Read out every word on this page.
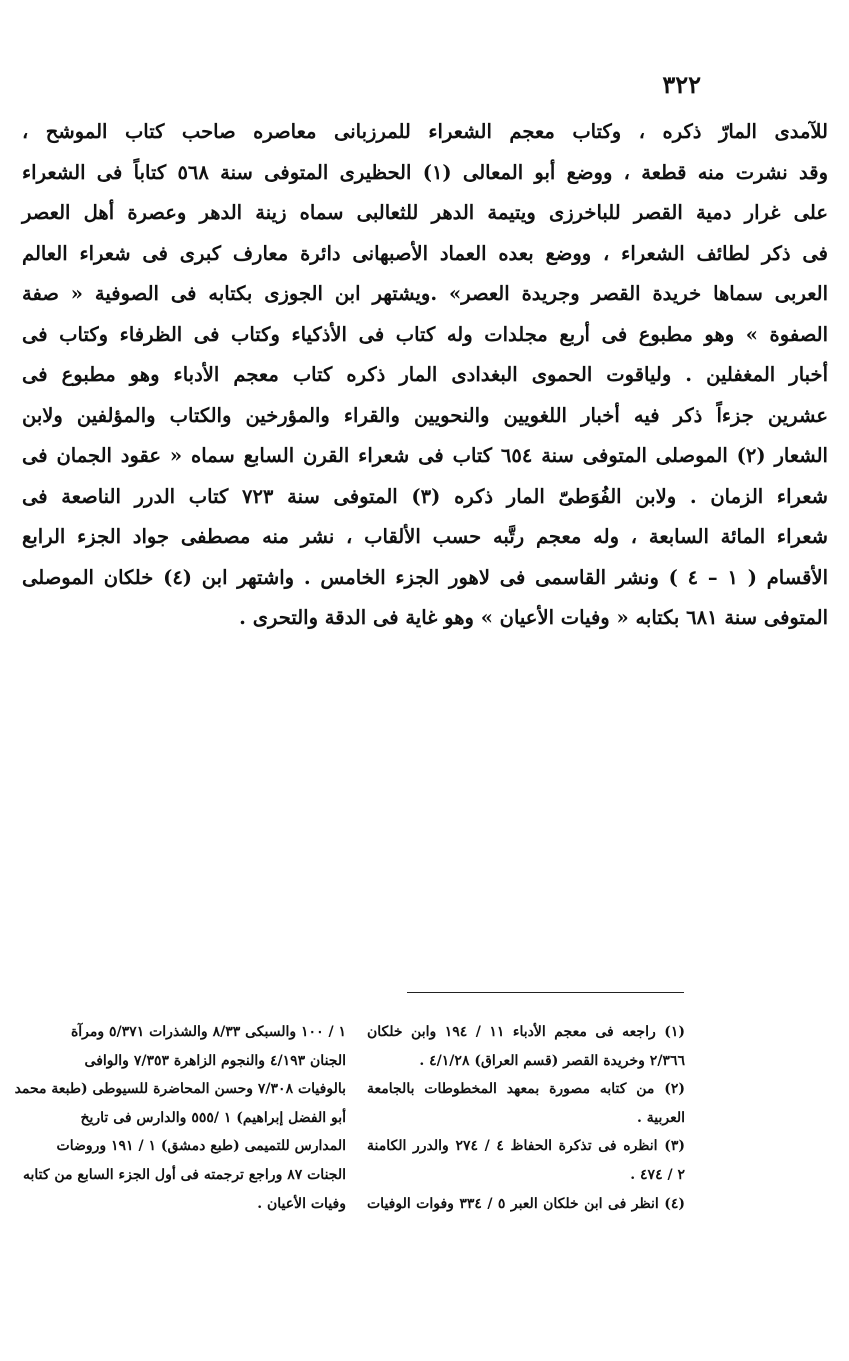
٣٢٢
للآمدى المارّ ذكره ، وكتاب معجم الشعراء للمرزبانى معاصره صاحب كتاب الموشح ،
وقد نشرت منه قطعة ، ووضع أبو المعالى (١) الحظيرى المتوفى سنة ٥٦٨ كتاباً فى الشعراء
على غرار دمية القصر للباخرزى ويتيمة الدهر للثعالبى سماه زينة الدهر وعصرة أهل العصر
فى ذكر لطائف الشعراء ، ووضع بعده العماد الأصبهانى دائرة معارف كبرى فى شعراء العالم
العربى سماها خريدة القصر وجريدة العصر» .ويشتهر ابن الجوزى بكتابه فى الصوفية « صفة
الصفوة » وهو مطبوع فى أربع مجلدات وله كتاب فى الأذكياء وكتاب فى الظرفاء وكتاب فى
أخبار المغفلين . ولياقوت الحموى البغدادى المار ذكره كتاب معجم الأدباء وهو مطبوع فى
عشرين جزءاً ذكر فيه أخبار اللغويين والنحويين والقراء والمؤرخين والكتاب والمؤلفين ولابن
الشعار (٢) الموصلى المتوفى سنة ٦٥٤ كتاب فى شعراء القرن السابع سماه « عقود الجمان فى
شعراء الزمان . ولابن الفُوَطىّ المار ذكره (٣) المتوفى سنة ٧٢٣ كتاب الدرر الناصعة فى
شعراء المائة السابعة ، وله معجم رتَّبه حسب الألقاب ، نشر منه مصطفى جواد الجزء الرابع
الأقسام ( ١ – ٤ ) ونشر القاسمى فى لاهور الجزء الخامس . واشتهر ابن (٤) خلكان الموصلى
المتوفى سنة ٦٨١ بكتابه « وفيات الأعيان » وهو غاية فى الدقة والتحرى .
(١) راجعه فى معجم الأدباء ١١ / ١٩٤ وابن خلكان
٢/٣٦٦ وخريدة القصر (قسم العراق) ٤/١/٢٨ .
(٢) من كتابه مصورة بمعهد المخطوطات بالجامعة
العربية .
(٣) انظره فى تذكرة الحفاظ ٤ / ٢٧٤ والدرر الكامنة
٢ / ٤٧٤ .
(٤) انظر فى ابن خلكان العبر ٥ / ٣٣٤ وفوات الوفيات
١ / ١٠٠ والسبكى ٨/٣٣ والشذرات ٥/٣٧١ ومرآة
الجنان ٤/١٩٣ والنجوم الزاهرة ٧/٣٥٣ والوافى
بالوفيات ٧/٣٠٨ وحسن المحاضرة للسيوطى (طبعة محمد
أبو الفضل إبراهيم) ١ /٥٥٥ والدارس فى تاريخ
المدارس للتميمى (طبع دمشق) ١ / ١٩١ وروضات
الجنات ٨٧ وراجع ترجمته فى أول الجزء السابع من كتابه
وفيات الأعيان .
